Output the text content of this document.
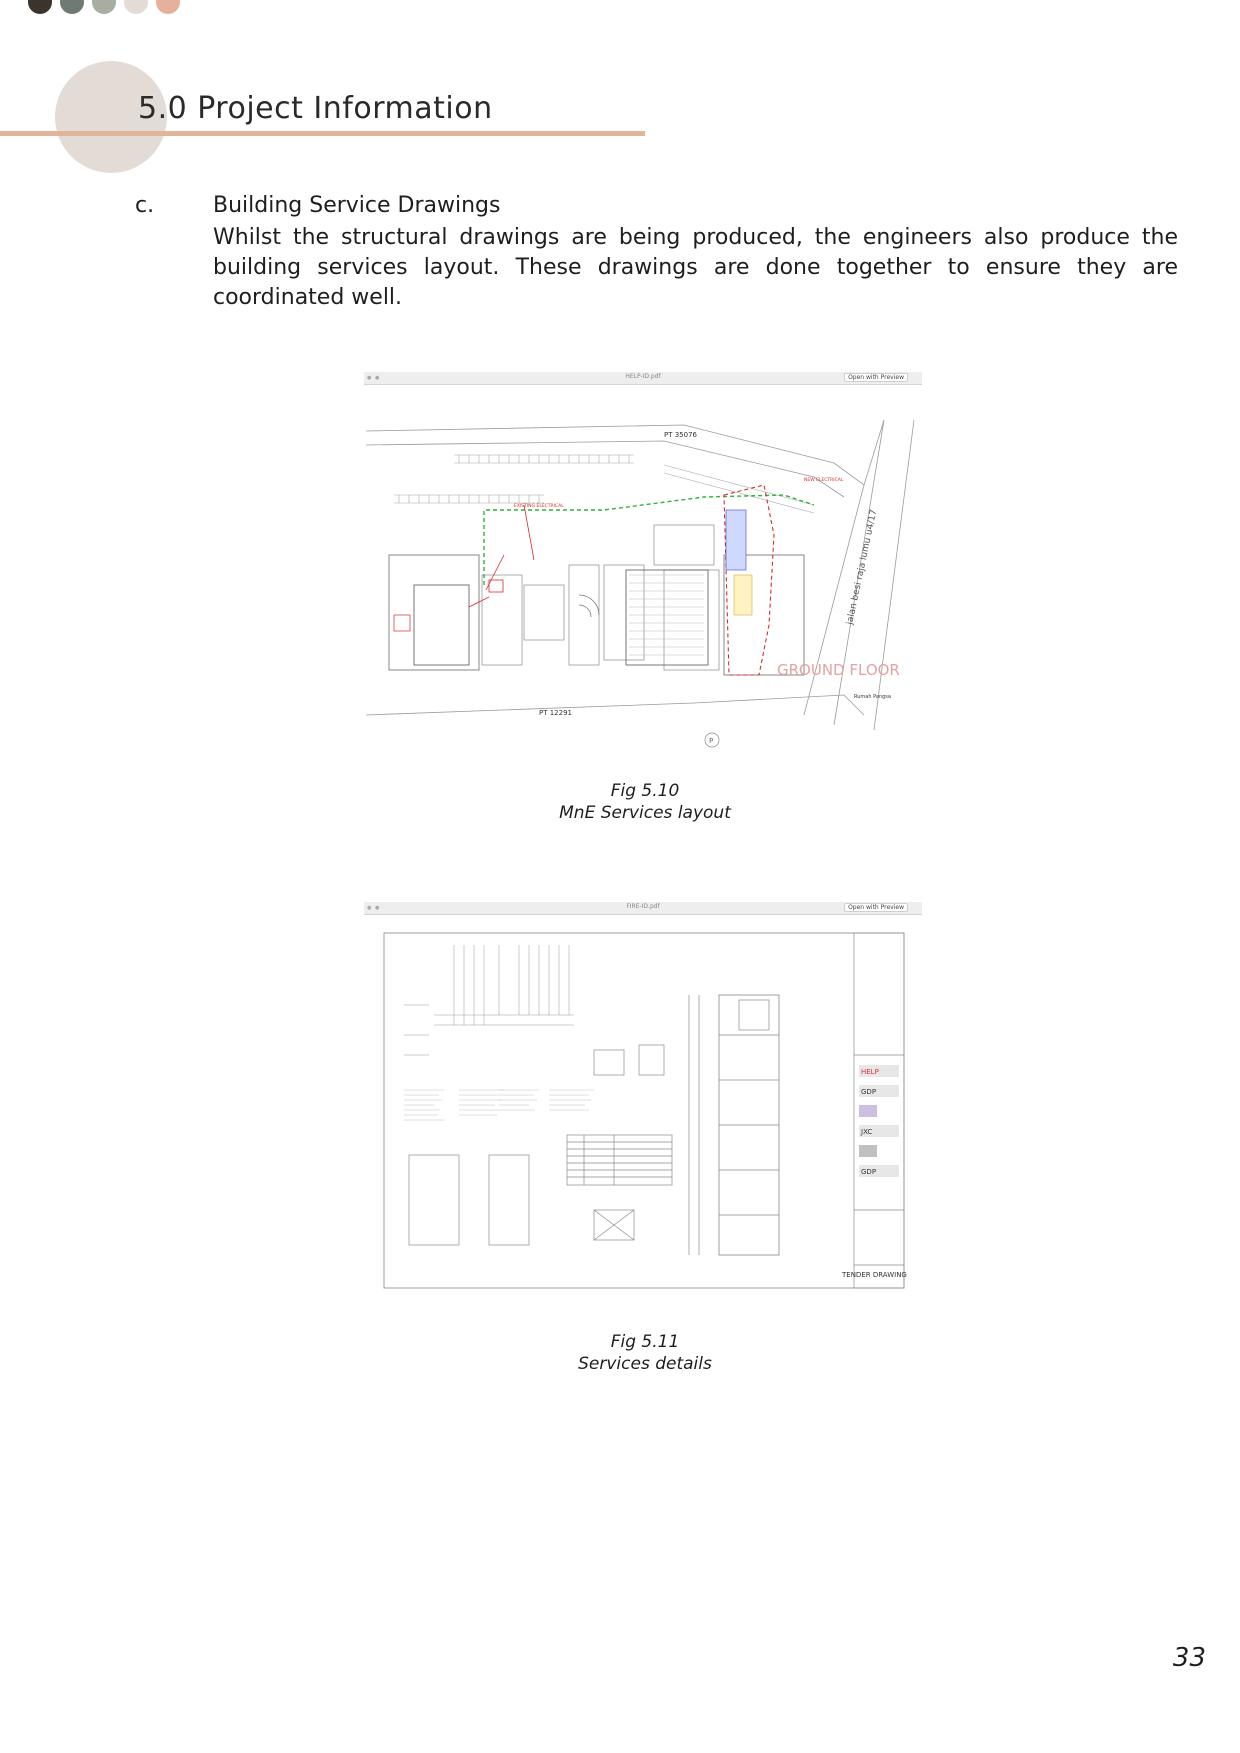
5.0 Project Information
c.	Building Service Drawings

Whilst the structural drawings are being produced, the engineers also produce the building services layout. These drawings are done together to ensure they are coordinated well.

● ●	HELP-ID.pdf	Open with Preview
EXISTING ELECTRICAL
NEW ELECTRICAL
PT 35076
PT 12291
jalan besi raja lumu u4/17
GROUND FLOOR
Rumah Pangsa
P
Fig 5.10
MnE Services layout
● ●	FIRE-ID.pdf	Open with Preview
HELP
GDP
JXC
GDP
TENDER DRAWING
Fig 5.11
Services details
33
